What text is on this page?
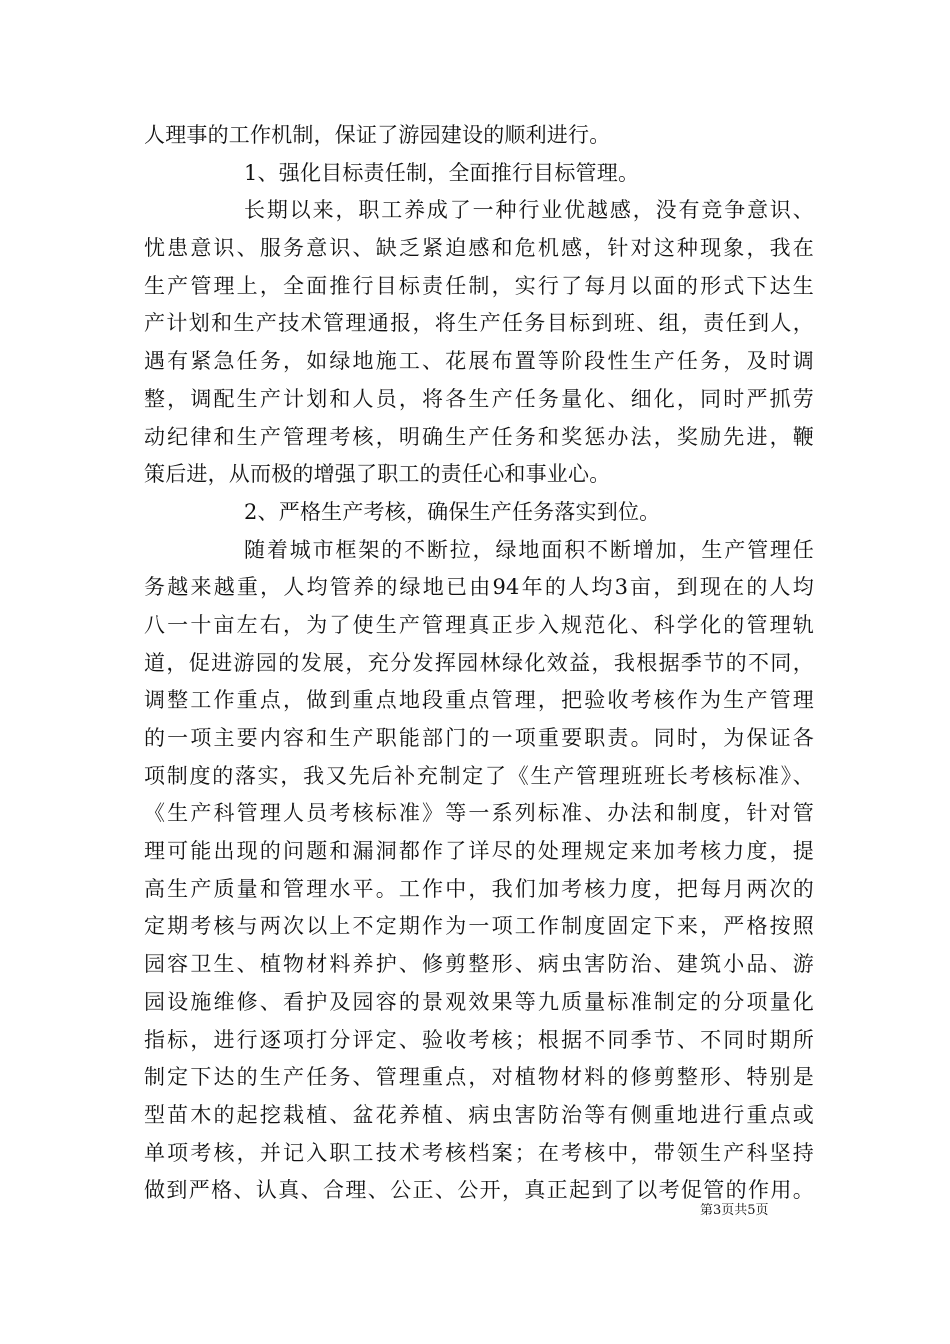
人理事的工作机制，保证了游园建设的顺利进行。
1、强化目标责任制，全面推行目标管理。
长期以来，职工养成了一种行业优越感，没有竞争意识、
忧患意识、服务意识、缺乏紧迫感和危机感，针对这种现象，我在
生产管理上，全面推行目标责任制，实行了每月以面的形式下达生
产计划和生产技术管理通报，将生产任务目标到班、组，责任到人，
遇有紧急任务，如绿地施工、花展布置等阶段性生产任务，及时调
整，调配生产计划和人员，将各生产任务量化、细化，同时严抓劳
动纪律和生产管理考核，明确生产任务和奖惩办法，奖励先进，鞭
策后进，从而极的增强了职工的责任心和事业心。
2、严格生产考核，确保生产任务落实到位。
随着城市框架的不断拉，绿地面积不断增加，生产管理任
务越来越重，人均管养的绿地已由94年的人均3亩，到现在的人均
八一十亩左右，为了使生产管理真正步入规范化、科学化的管理轨
道，促进游园的发展，充分发挥园林绿化效益，我根据季节的不同，
调整工作重点，做到重点地段重点管理，把验收考核作为生产管理
的一项主要内容和生产职能部门的一项重要职责。同时，为保证各
项制度的落实，我又先后补充制定了《生产管理班班长考核标准》、
《生产科管理人员考核标准》等一系列标准、办法和制度，针对管
理可能出现的问题和漏洞都作了详尽的处理规定来加考核力度，提
高生产质量和管理水平。工作中，我们加考核力度，把每月两次的
定期考核与两次以上不定期作为一项工作制度固定下来，严格按照
园容卫生、植物材料养护、修剪整形、病虫害防治、建筑小品、游
园设施维修、看护及园容的景观效果等九质量标准制定的分项量化
指标，进行逐项打分评定、验收考核；根据不同季节、不同时期所
制定下达的生产任务、管理重点，对植物材料的修剪整形、特别是
型苗木的起挖栽植、盆花养植、病虫害防治等有侧重地进行重点或
单项考核，并记入职工技术考核档案；在考核中，带领生产科坚持
做到严格、认真、合理、公正、公开，真正起到了以考促管的作用。
第3页共5页
